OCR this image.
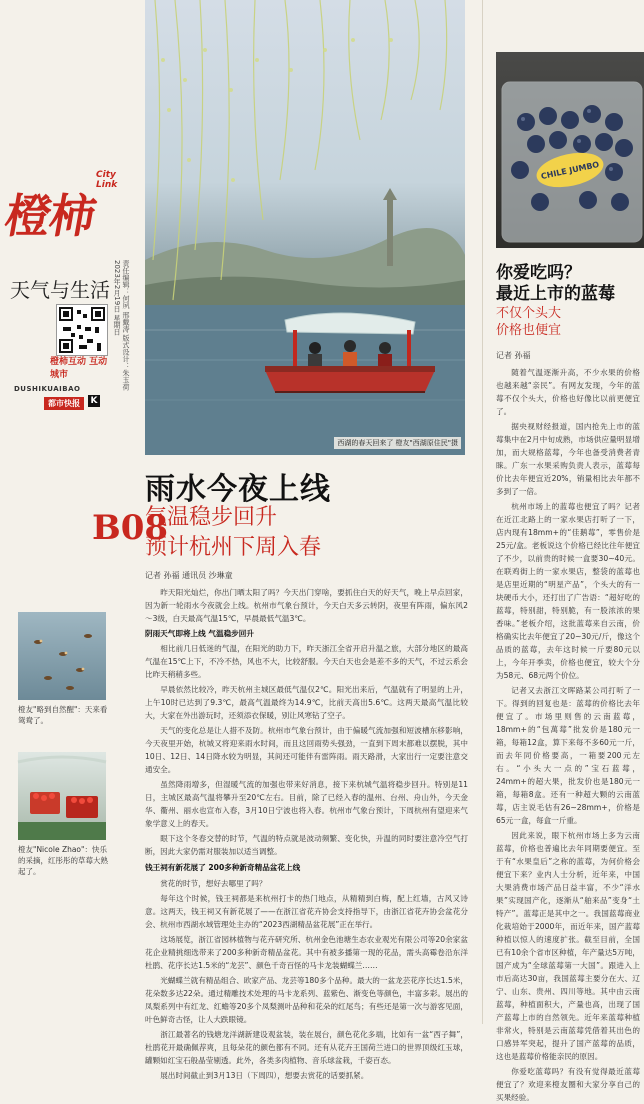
橙柿
City Link
天气与生活
橙柿互动 互动城市
DUSHIKUAIBAO
都市快报	K
2023年2月19日 星期日 责任编辑：何夙 邢戴涛 版式设计：朱玉荷
B08
西湖的春天回来了 橙友"西湖原住民"摄
雨水今夜上线
气温稳步回升
预计杭州下周入春
记者 孙福 通讯员 沙琳童

昨天阳光灿烂，你出门晒太阳了吗？今天出门穿啥，要抓住白天的好天气，晚上早点回家，因为新一轮雨水今夜就会上线。杭州市气象台预计，今天白天多云转阴，夜里有阵雨，偏东风2～3级，白天最高气温15℃，早晨最低气温3℃。

阴雨天气即将上线 气温稳步回升

相比前几日低迷的气温，在阳光的助力下，昨天浙江全省开启升温之旅，大部分地区的最高气温在15℃上下，不冷不热，风也不大，比较舒服。今天白天也会是差不多的天气，不过云系会比昨天稍稍多些。

早晨依然比较冷，昨天杭州主城区最低气温仅2℃。阳光出来后，气温就有了明显的上升，上午10时已达到了9.3℃，最高气温最终为14.9℃，比前天高出5.6℃。这两天最高气温比较大，大家在外出游玩时，还须添衣保暖，别让风寒钻了空子。

天气的变化总是让人措不及防。杭州市气象台预计，由于偏暖气流加强和短波槽东移影响，今天夜里开始，杭城又将迎来雨水时间，而且这回雨势头强劲，一直到下周末都难以摆脱，其中10日、12日、14日降水较为明显，其间还可能伴有雷阵雨。雨天路滑，大家出行一定要注意交通安全。

虽然降雨增多，但湿暖气流的加强也带来好消息，接下来杭城气温将稳步回升。特别是11日，主城区最高气温将攀升至20℃左右。目前，除了已经入春的温州、台州、舟山外，今天金华、衢州、丽水也宣布入春，3月10日宁波也将入春。杭州市气象台预计，下周杭州有望迎来气象学意义上的春天。

眼下这个冬春交替的时节，气温的特点就是波动频繁、变化快，升温的同时要注意冷空气打断，因此大家仍需对服装加以适当调整。

钱王祠有新花展了 200多种新奇精品盆花上线

赏花的时节，想好去哪里了吗？

每年这个时候，钱王祠都是来杭州打卡的热门地点，从精精到白梅，配上红墙，古风又诗意。这两天，钱王祠又有新花展了——在浙江省花卉协会支持指导下，由浙江省花卉协会盆花分会、杭州市西湖水域管理处主办的“2023西湖精品盆花展”正在举行。

这场展览，浙江省园林植物与花卉研究所、杭州金色池塘生态农业观光有限公司等20余家盆花企业精挑细选带来了200多种新奇精品盆花。其中有被多播第一现的花品，需头高霉卷沿东洋杜鹃、花序长达1.5米的“龙芸”、颜色千奇百怪的马卡龙装蝴蝶兰……

光蝴蝶兰就有精品组合、欧家产品、龙芸等180多个品种。最大的一盆龙芸花序长达1.5米，花朵数多达22朵。通过精雕技术处理的马卡龙系列、蓝紫色、渐变色等颜色，丰富多彩。展出的凤梨系列中有红龙、红蟾等20多个凤梨测叶品种和花朵的红尾鸟；有些还是第一次与游客见面，叶色鲜奇古怪，让人大跌眼镜。

浙江最著名的钱塘龙洋湖新建设观盆装，装在展台，颜色花化多端，比如有一盆“西子舞”，杜鹃花开最确佩荐爽，且每朵花的颜色都有不同。还有从花卉王国荷兰进口的世界顶级红玉球，罐颗如红宝石般晶莹剔透。此外，各类多肉植物、音乐球盆栽，千姿百态。

展出时间截止到3月13日（下周四），想要去赏花的话要抓紧。

橙友"略到自然醒"：天来看鸳鸯了。
橙友"Nicole Zhao"：快乐的采摘，红彤彤的草莓大熟起了。
CHILE JUMBO
你爱吃吗？
最近上市的蓝莓
不仅个头大
价格也便宜
记者 孙福

随着气温逐渐升高，不少水果的价格也越来越“亲民”。有网友发现，今年的蓝莓不仅个头大，价格也好像比以前更便宜了。

据央视财经报道，国内抢先上市的蓝莓集中在2月中旬成熟，市场供应量明显增加，而大规格蓝莓，今年也备受消费者青睐。广东一水果采购负责人表示，蓝莓每价比去年便宜近20%，销量相比去年都不多到了一倍。

杭州市场上的蓝莓也便宜了吗？记者在近江北路上的一家水果店打听了一下，店内现有18mm+的“佳鹅莓”，零售价是25元/盒。老板说这个价格已经比往年便宜了不少，以前贵的时候一盒要30~40元。在联鸡街上的一家水果店，整袋的蓝莓也是店里近期的“明星产品”，个头大的有一块硬币大小，还打出了广告语：“超好吃的蓝莓，特别甜，特别脆，有一股浓浓的果香味。”老板介绍，这批蓝莓来自云南，价格确实比去年便宜了20~30元/斤，像这个品质的蓝莓，去年这时候一斤要80元以上，今年开季卖，价格也便宜，较大个分为58元、68元两个价位。

记者又去浙江文晖路某公司打听了一下。得到的回复也是：蓝莓的价格比去年便宜了。市场里则售的云南蓝莓，18mm+的“包萬莓”批发价是180元一箱，每箱12盒，算下来每不多60元一斤，而去年同价格要高，一箱要200元左右。“小头大一点的”宝石蓝莓，24mm+的超大果，批发价也是180元一箱，每箱8盒。还有一种超大颗的云南蓝莓，店主说毛估有26~28mm+，价格是65元一盒，每盒一斤重。

因此来说，眼下杭州市场上多为云南蓝莓，价格也普遍比去年同期要便宜。至于有“水果皇后”之称的蓝莓，为何价格会便宜下来？业内人士分析，近年来，中国大果消费市场产品日益丰富，不少“洋水果”实现国产化，逐渐从“舶来品”变身“土特产”。蓝莓正是其中之一。我国蓝莓商业化栽培始于2000年，而近年来，国产蓝莓种植以惊人的速度扩张。截至目前，全国已有10余个省市区种植，年产量达5万吨，国产成为“全球蓝莓第一大国”。跟进入上市后高达30亩，我国蓝莓主要分在大、辽宁、山东、贵州、四川等地。其中由云南蓝莓，种植面积大，产量也高，出现了国产蓝莓上市的自然领先。近年来蓝莓种植非常火，特别是云南蓝莓凭借着其出色的口感异军突起，提升了国产蓝莓的品质，这也是蓝莓价格能亲民的原因。

你爱吃蓝莓吗？有没有觉得最近蓝莓便宜了？欢迎来橙友圈和大家分享自己的买果经验。
